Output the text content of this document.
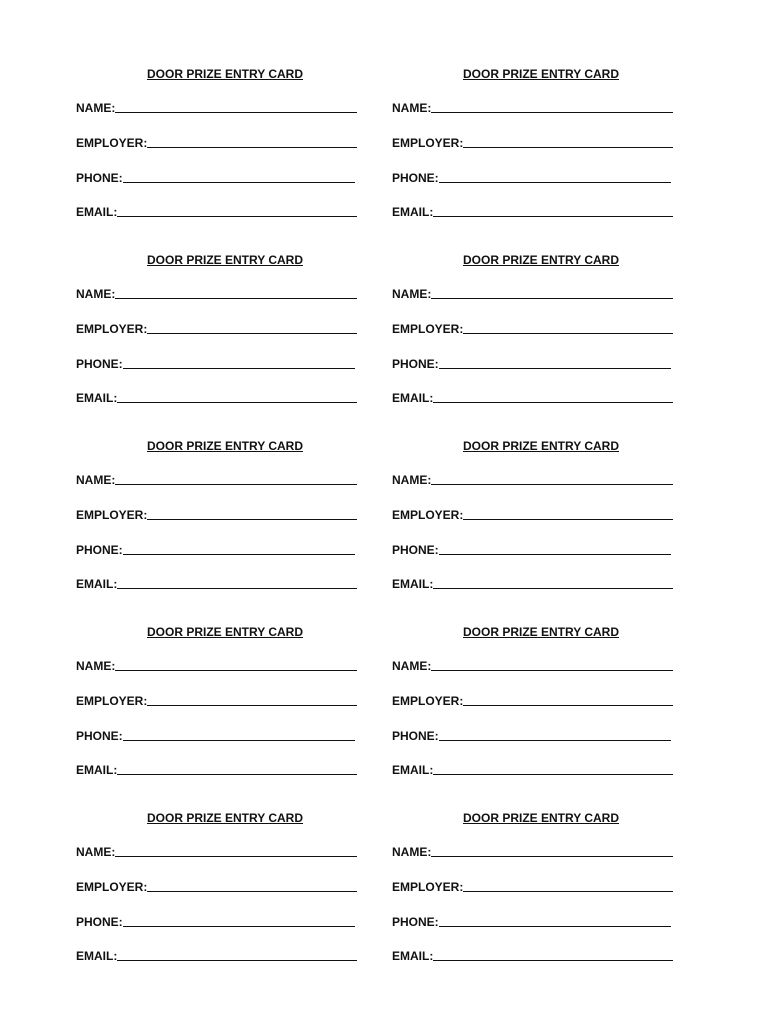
DOOR PRIZE ENTRY CARD
NAME:
EMPLOYER:
PHONE:
EMAIL:
DOOR PRIZE ENTRY CARD
NAME:
EMPLOYER:
PHONE:
EMAIL:
DOOR PRIZE ENTRY CARD
NAME:
EMPLOYER:
PHONE:
EMAIL:
DOOR PRIZE ENTRY CARD
NAME:
EMPLOYER:
PHONE:
EMAIL:
DOOR PRIZE ENTRY CARD
NAME:
EMPLOYER:
PHONE:
EMAIL:
DOOR PRIZE ENTRY CARD
NAME:
EMPLOYER:
PHONE:
EMAIL:
DOOR PRIZE ENTRY CARD
NAME:
EMPLOYER:
PHONE:
EMAIL:
DOOR PRIZE ENTRY CARD
NAME:
EMPLOYER:
PHONE:
EMAIL:
DOOR PRIZE ENTRY CARD
NAME:
EMPLOYER:
PHONE:
EMAIL:
DOOR PRIZE ENTRY CARD
NAME:
EMPLOYER:
PHONE:
EMAIL:
